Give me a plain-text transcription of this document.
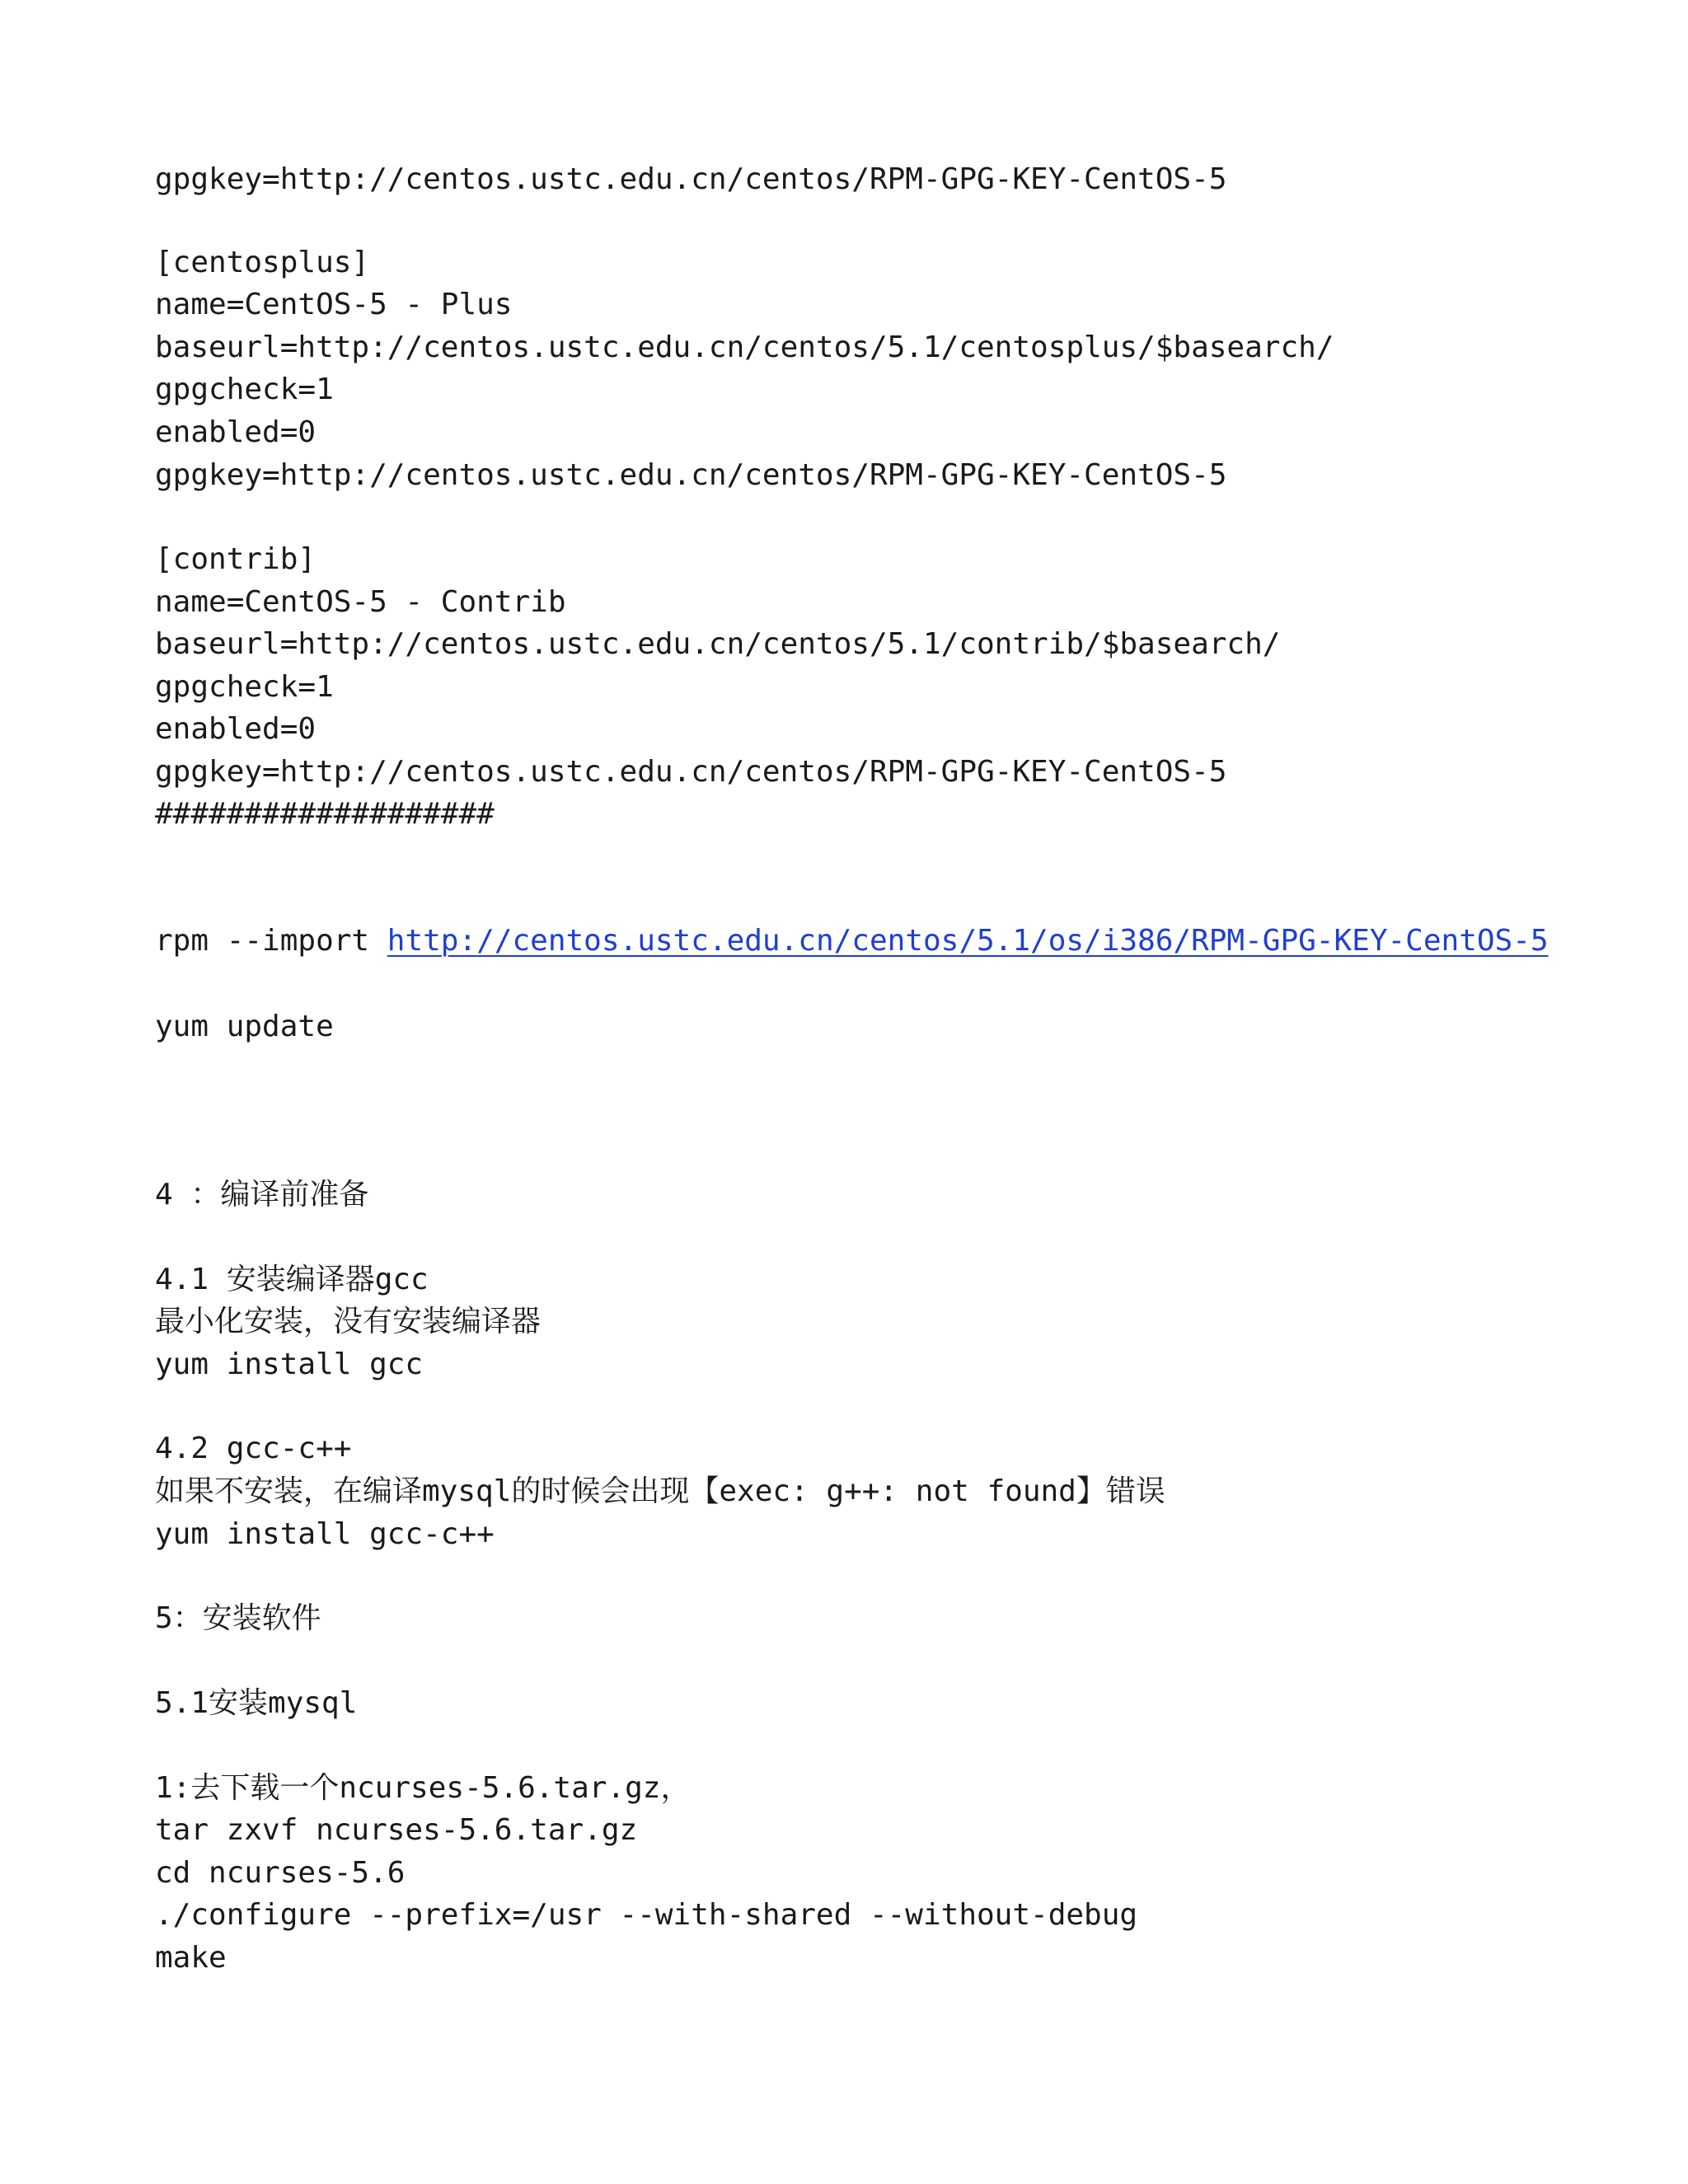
gpgkey=http://centos.ustc.edu.cn/centos/RPM-GPG-KEY-CentOS-5
[centosplus]
name=CentOS-5 - Plus
baseurl=http://centos.ustc.edu.cn/centos/5.1/centosplus/$basearch/
gpgcheck=1
enabled=0
gpgkey=http://centos.ustc.edu.cn/centos/RPM-GPG-KEY-CentOS-5
[contrib]
name=CentOS-5 - Contrib
baseurl=http://centos.ustc.edu.cn/centos/5.1/contrib/$basearch/
gpgcheck=1
enabled=0
gpgkey=http://centos.ustc.edu.cn/centos/RPM-GPG-KEY-CentOS-5
###################
rpm --import http://centos.ustc.edu.cn/centos/5.1/os/i386/RPM-GPG-KEY-CentOS-5
yum update
4 ：编译前准备
4.1 安装编译器gcc
最小化安装，没有安装编译器
yum install gcc
4.2 gcc-c++
如果不安装，在编译mysql的时候会出现【exec: g++: not found】错误
yum install gcc-c++
5：安装软件
5.1安装mysql
1:去下载一个ncurses-5.6.tar.gz，
tar zxvf ncurses-5.6.tar.gz
cd ncurses-5.6
./configure --prefix=/usr --with-shared --without-debug
make
